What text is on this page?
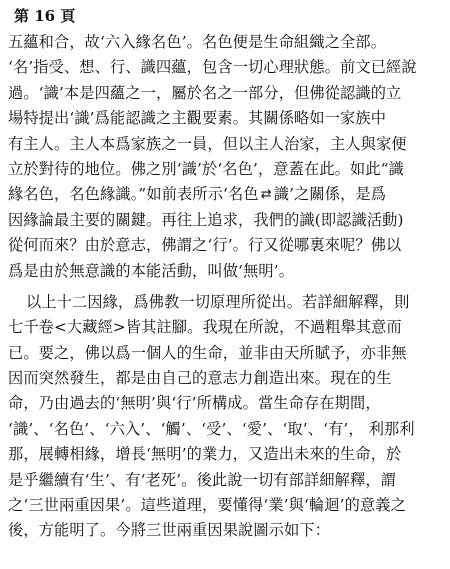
第 16 頁
五蘊和合，故‘六入緣名色’。名色便是生命組織之全部。
‘名’指受、想、行、識四蘊，包含一切心理狀態。前文已經說
過。‘識’本是四蘊之一，屬於名之一部分，但佛從認識的立
場特提出‘識’爲能認識之主觀要素。其關係略如一家族中
有主人。主人本爲家族之一員，但以主人治家，主人與家便
立於對待的地位。佛之別‘識’於‘名色’，意蓋在此。如此“識
緣名色，名色緣識。”如前表所示‘名色 ⇄ 識’之關係，是爲
因緣論最主要的關鍵。再往上追求，我們的識(即認識活動)
從何而來？由於意志，佛謂之‘行’。行又從哪裏來呢？佛以
爲是由於無意識的本能活動，叫做‘無明’。
以上十二因緣，爲佛教一切原理所從出。若詳細解釋，則
七千卷<大藏經>皆其註腳。我現在所說，不過粗舉其意而
已。要之，佛以爲一個人的生命，並非由天所賦予，亦非無
因而突然發生，都是由自己的意志力創造出來。現在的生
命，乃由過去的‘無明’與‘行’所構成。當生命存在期間，
‘識’、‘名色’、‘六入’、‘觸’、‘受’、‘愛’、‘取’、‘有’， 利那利
那，展轉相緣，增長‘無明’的業力，又造出未來的生命，於
是乎繼續有‘生’、有‘老死’。後此說一切有部詳細解釋，謂
之‘三世兩重因果’。這些道理，要懂得‘業’與‘輪迴’的意義之
後，方能明了。今將三世兩重因果說圖示如下：
